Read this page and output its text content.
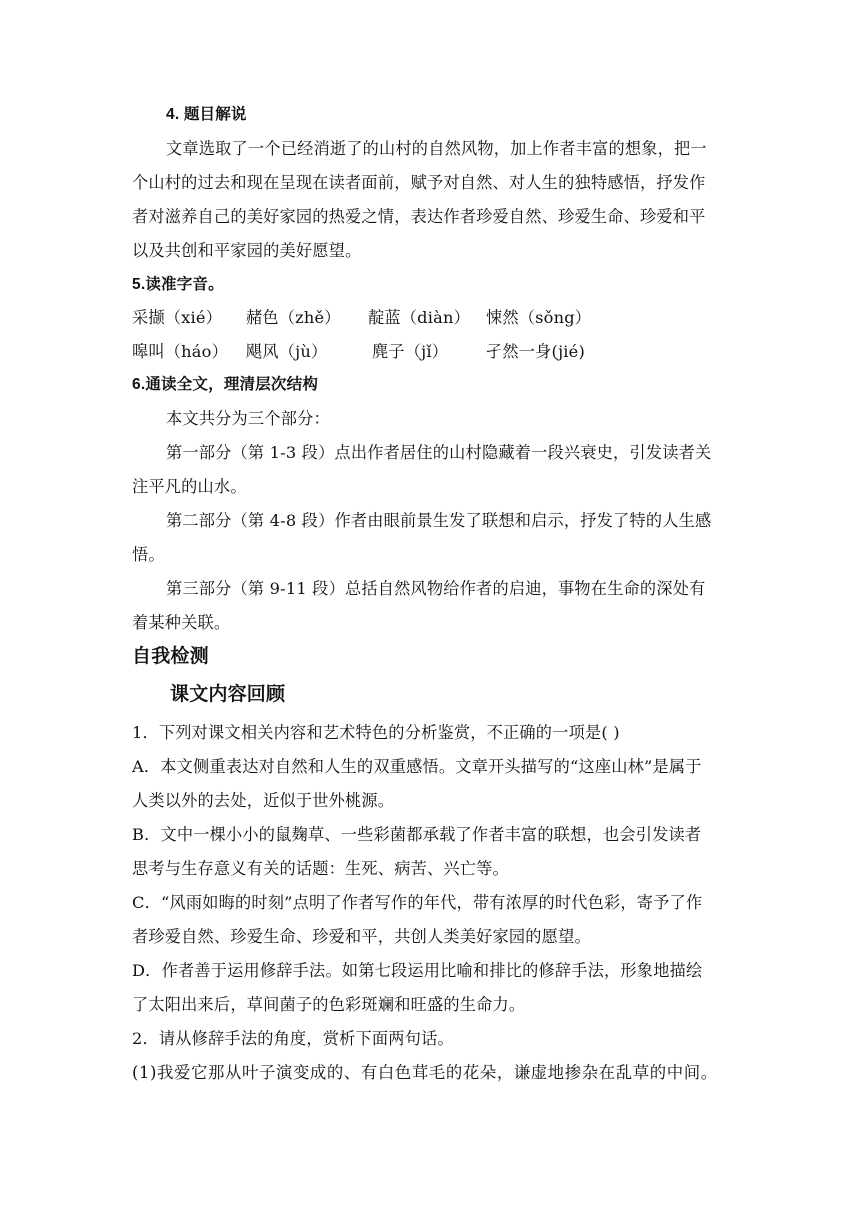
4. 题目解说
文章选取了一个已经消逝了的山村的自然风物，加上作者丰富的想象，把一
个山村的过去和现在呈现在读者面前，赋予对自然、对人生的独特感悟，抒发作
者对滋养自己的美好家园的热爱之情，表达作者珍爱自然、珍爱生命、珍爱和平
以及共创和平家园的美好愿望。
5.读准字音。
采撷（xié） 赭色（zhě） 靛蓝（diàn） 悚然（sǒng）
嗥叫（háo） 飓风（jù）	麂子（jǐ） 孑然一身(jié)
6.通读全文，理清层次结构
本文共分为三个部分：
第一部分（第 1-3 段）点出作者居住的山村隐藏着一段兴衰史，引发读者关
注平凡的山水。
第二部分（第 4-8 段）作者由眼前景生发了联想和启示，抒发了特的人生感
悟。
第三部分（第 9-11 段）总括自然风物给作者的启迪，事物在生命的深处有
着某种关联。
自我检测
课文内容回顾
1．下列对课文相关内容和艺术特色的分析鉴赏，不正确的一项是( )
A．本文侧重表达对自然和人生的双重感悟。文章开头描写的“这座山林”是属于
人类以外的去处，近似于世外桃源。
B．文中一棵小小的鼠麹草、一些彩菌都承载了作者丰富的联想，也会引发读者
思考与生存意义有关的话题：生死、病苦、兴亡等。
C．“风雨如晦的时刻”点明了作者写作的年代，带有浓厚的时代色彩，寄予了作
者珍爱自然、珍爱生命、珍爱和平，共创人类美好家园的愿望。
D．作者善于运用修辞手法。如第七段运用比喻和排比的修辞手法，形象地描绘
了太阳出来后，草间菌子的色彩斑斓和旺盛的生命力。
2．请从修辞手法的角度，赏析下面两句话。
(1)我爱它那从叶子演变成的、有白色茸毛的花朵，谦虚地掺杂在乱草的中间。
